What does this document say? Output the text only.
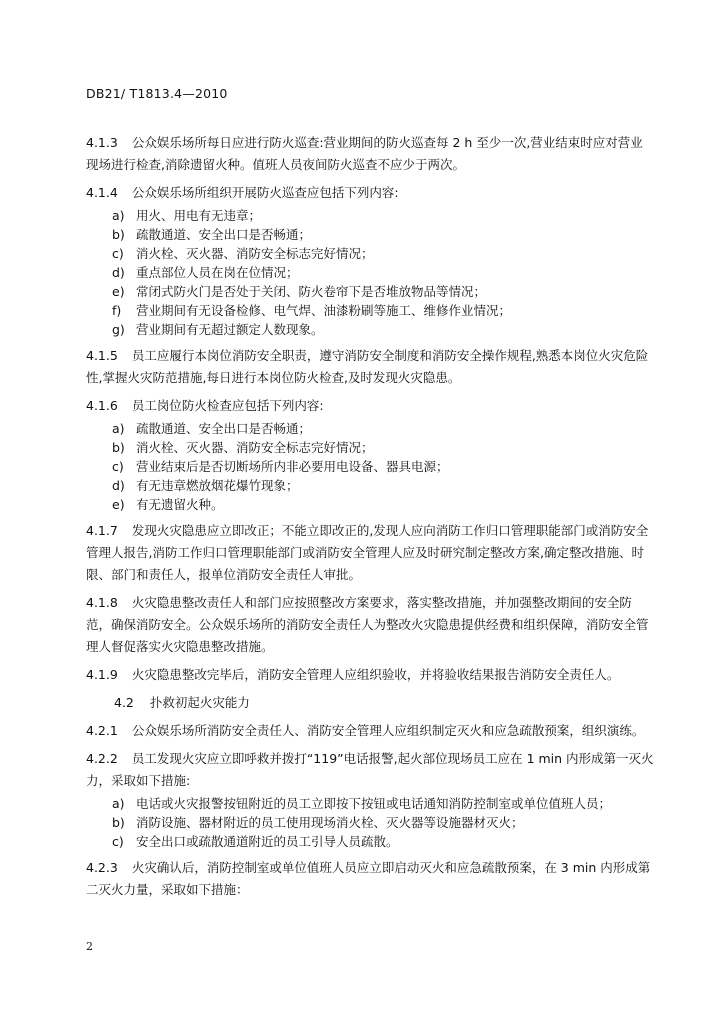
DB21/ T1813.4—2010

4.1.3 公众娱乐场所每日应进行防火巡查:营业期间的防火巡查每 2 h 至少一次,营业结束时应对营业现场进行检查,消除遗留火种。值班人员夜间防火巡查不应少于两次。

4.1.4 公众娱乐场所组织开展防火巡查应包括下列内容:

a) 用火、用电有无违章；
b) 疏散通道、安全出口是否畅通；
c) 消火栓、灭火器、消防安全标志完好情况；
d) 重点部位人员在岗在位情况；
e) 常闭式防火门是否处于关闭、防火卷帘下是否堆放物品等情况；
f)	营业期间有无设备检修、电气焊、油漆粉刷等施工、维修作业情况；
g) 营业期间有无超过额定人数现象。

4.1.5 员工应履行本岗位消防安全职责，遵守消防安全制度和消防安全操作规程,熟悉本岗位火灾危险性,掌握火灾防范措施,每日进行本岗位防火检查,及时发现火灾隐患。

4.1.6 员工岗位防火检查应包括下列内容:

a) 疏散通道、安全出口是否畅通；
b) 消火栓、灭火器、消防安全标志完好情况；
c) 营业结束后是否切断场所内非必要用电设备、器具电源；
d) 有无违章燃放烟花爆竹现象；
e) 有无遗留火种。

4.1.7 发现火灾隐患应立即改正；不能立即改正的,发现人应向消防工作归口管理职能部门或消防安全管理人报告,消防工作归口管理职能部门或消防安全管理人应及时研究制定整改方案,确定整改措施、时限、部门和责任人，报单位消防安全责任人审批。

4.1.8 火灾隐患整改责任人和部门应按照整改方案要求，落实整改措施，并加强整改期间的安全防范，确保消防安全。公众娱乐场所的消防安全责任人为整改火灾隐患提供经费和组织保障，消防安全管理人督促落实火灾隐患整改措施。

4.1.9 火灾隐患整改完毕后，消防安全管理人应组织验收，并将验收结果报告消防安全责任人。

4.2 扑救初起火灾能力

4.2.1 公众娱乐场所消防安全责任人、消防安全管理人应组织制定灭火和应急疏散预案，组织演练。

4.2.2 员工发现火灾应立即呼救并拨打“119”电话报警,起火部位现场员工应在 1 min 内形成第一灭火力，采取如下措施:

a) 电话或火灾报警按钮附近的员工立即按下按钮或电话通知消防控制室或单位值班人员；
b) 消防设施、器材附近的员工使用现场消火栓、灭火器等设施器材灭火；
c) 安全出口或疏散通道附近的员工引导人员疏散。

4.2.3 火灾确认后，消防控制室或单位值班人员应立即启动灭火和应急疏散预案，在 3 min 内形成第二灭火力量，采取如下措施：

2
